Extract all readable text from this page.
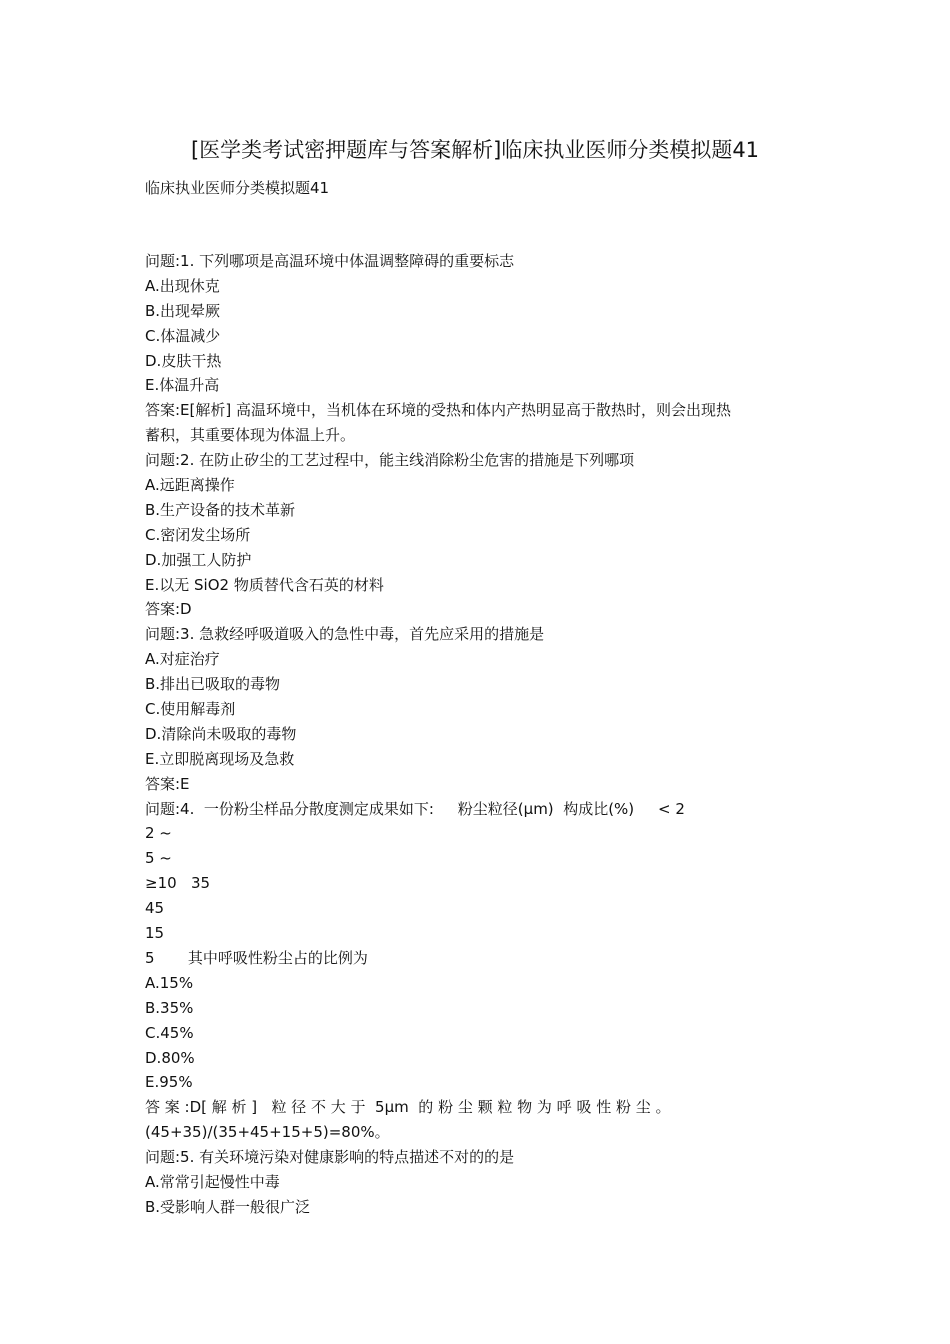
[医学类考试密押题库与答案解析]临床执业医师分类模拟题41
临床执业医师分类模拟题41
问题:1. 下列哪项是高温环境中体温调整障碍的重要标志
A.出现休克
B.出现晕厥
C.体温减少
D.皮肤干热
E.体温升高
答案:E[解析] 高温环境中，当机体在环境的受热和体内产热明显高于散热时，则会出现热
蓄积，其重要体现为体温上升。
问题:2. 在防止矽尘的工艺过程中，能主线消除粉尘危害的措施是下列哪项
A.远距离操作
B.生产设备的技术革新
C.密闭发尘场所
D.加强工人防护
E.以无 SiO2 物质替代含石英的材料
答案:D
问题:3. 急救经呼吸道吸入的急性中毒，首先应采用的措施是
A.对症治疗
B.排出已吸取的毒物
C.使用解毒剂
D.清除尚未吸取的毒物
E.立即脱离现场及急救
答案:E
问题:4.  一份粉尘样品分散度测定成果如下:     粉尘粒径(μm)  构成比(%)     < 2
2 ~
5 ~
≥10   35
45
15
5       其中呼吸性粉尘占的比例为
A.15%
B.35%
C.45%
D.80%
E.95%
答 案 :D[ 解 析 ]   粒 径 不 大 于  5μm  的 粉 尘 颗 粒 物 为 呼 吸 性 粉 尘 。
(45+35)/(35+45+15+5)=80%。
问题:5. 有关环境污染对健康影响的特点描述不对的的是
A.常常引起慢性中毒
B.受影响人群一般很广泛
